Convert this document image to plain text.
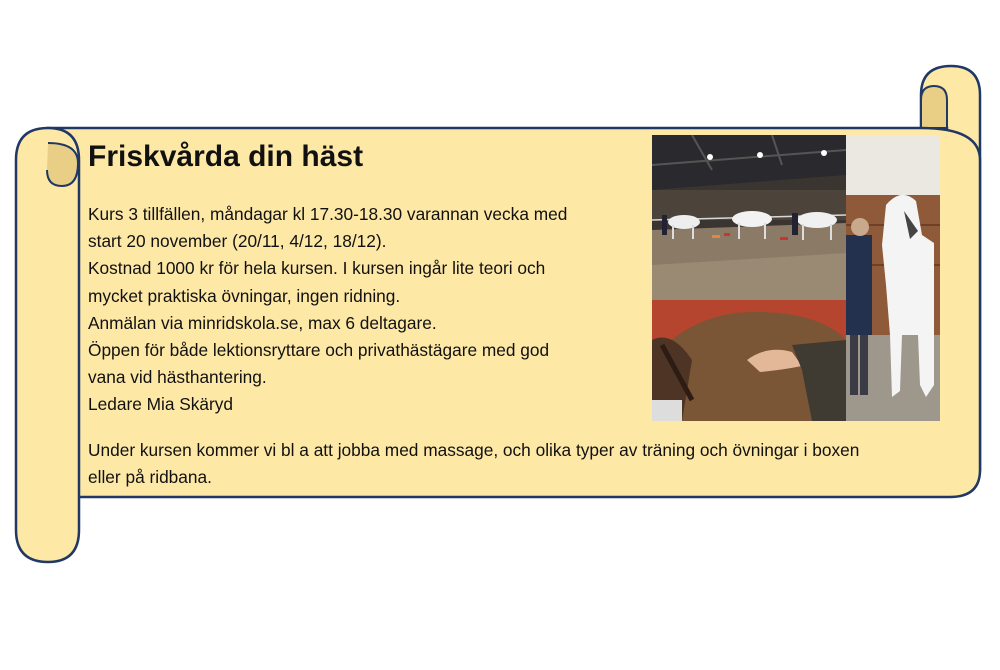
Friskvårda din häst
Kurs 3 tillfällen, måndagar kl 17.30-18.30 varannan vecka med
start 20 november (20/11, 4/12, 18/12).
Kostnad 1000 kr för hela kursen. I kursen ingår lite teori och
mycket praktiska övningar, ingen ridning.
Anmälan via minridskola.se, max 6 deltagare.
Öppen för både lektionsryttare och privathästägare med god
vana vid hästhantering.
Ledare Mia Skäryd
Under kursen kommer vi bl a att jobba med massage, och olika typer av träning och övningar i boxen
eller på ridbana.
